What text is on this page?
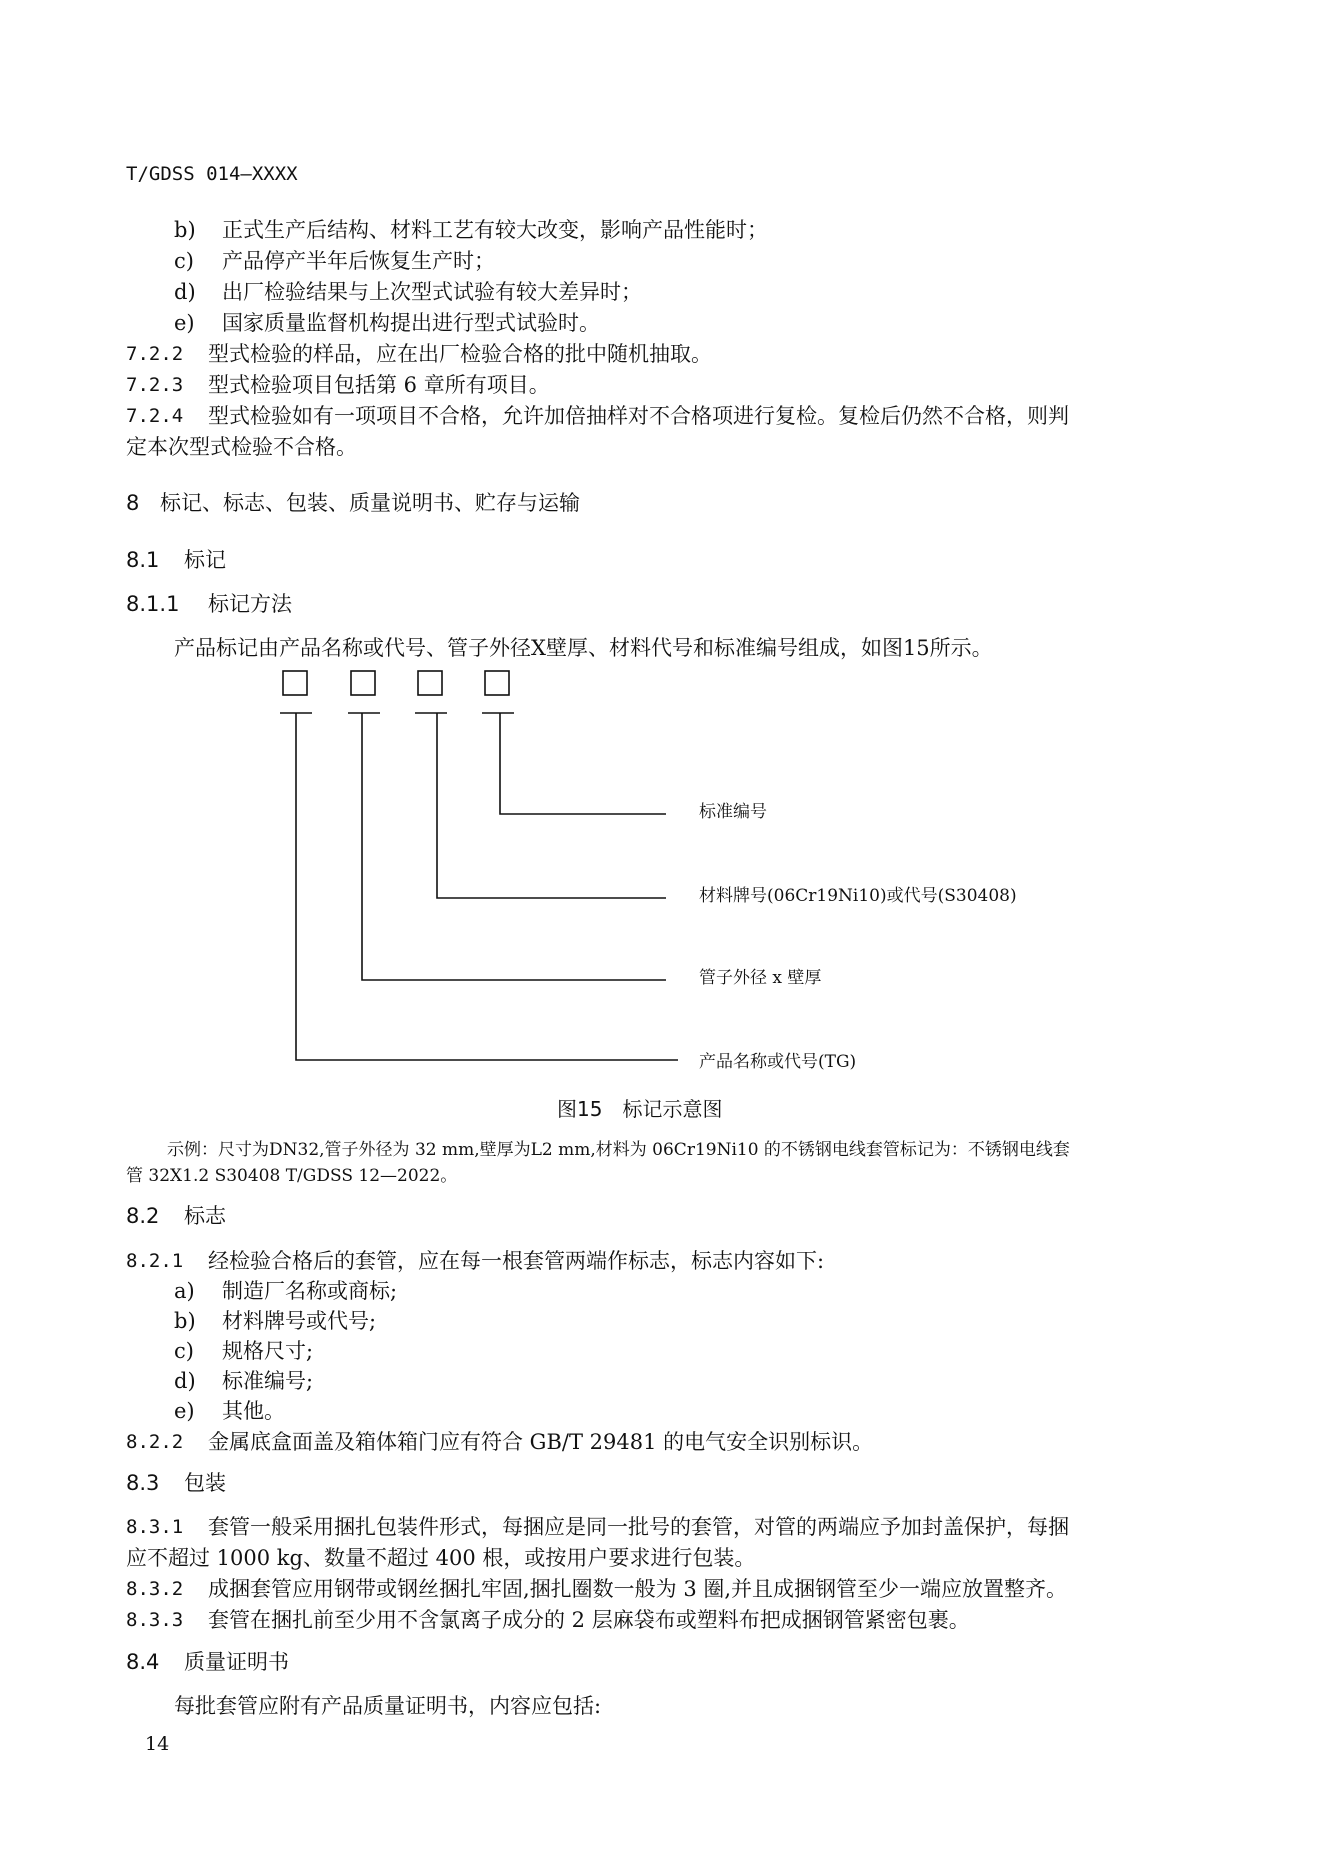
T/GDSS 014—XXXX
b) 正式生产后结构、材料工艺有较大改变，影响产品性能时；
c) 产品停产半年后恢复生产时；
d) 出厂检验结果与上次型式试验有较大差异时；
e) 国家质量监督机构提出进行型式试验时。
7.2.2 型式检验的样品，应在出厂检验合格的批中随机抽取。
7.2.3 型式检验项目包括第 6 章所有项目。
7.2.4 型式检验如有一项项目不合格，允许加倍抽样对不合格项进行复检。复检后仍然不合格，则判
定本次型式检验不合格。
8 标记、标志、包装、质量说明书、贮存与运输
8.1 标记
8.1.1 标记方法
产品标记由产品名称或代号、管子外径X壁厚、材料代号和标准编号组成，如图15所示。
标准编号
材料牌号(06Cr19Ni10)或代号(S30408)
管子外径 x 壁厚
产品名称或代号(TG)
图15 标记示意图
示例：尺寸为DN32,管子外径为 32 mm,壁厚为L2 mm,材料为 06Cr19Ni10 的不锈钢电线套管标记为：不锈钢电线套
管 32X1.2 S30408 T/GDSS 12—2022。
8.2 标志
8.2.1 经检验合格后的套管，应在每一根套管两端作标志，标志内容如下:
a) 制造厂名称或商标;
b) 材料牌号或代号;
c) 规格尺寸;
d) 标准编号;
e) 其他。
8.2.2 金属底盒面盖及箱体箱门应有符合 GB/T 29481 的电气安全识别标识。
8.3 包装
8.3.1 套管一般采用捆扎包装件形式，每捆应是同一批号的套管，对管的两端应予加封盖保护，每捆
应不超过 1000 kg、数量不超过 400 根，或按用户要求进行包装。
8.3.2 成捆套管应用钢带或钢丝捆扎牢固,捆扎圈数一般为 3 圈,并且成捆钢管至少一端应放置整齐。
8.3.3 套管在捆扎前至少用不含氯离子成分的 2 层麻袋布或塑料布把成捆钢管紧密包裹。
8.4 质量证明书
每批套管应附有产品质量证明书，内容应包括:
14
